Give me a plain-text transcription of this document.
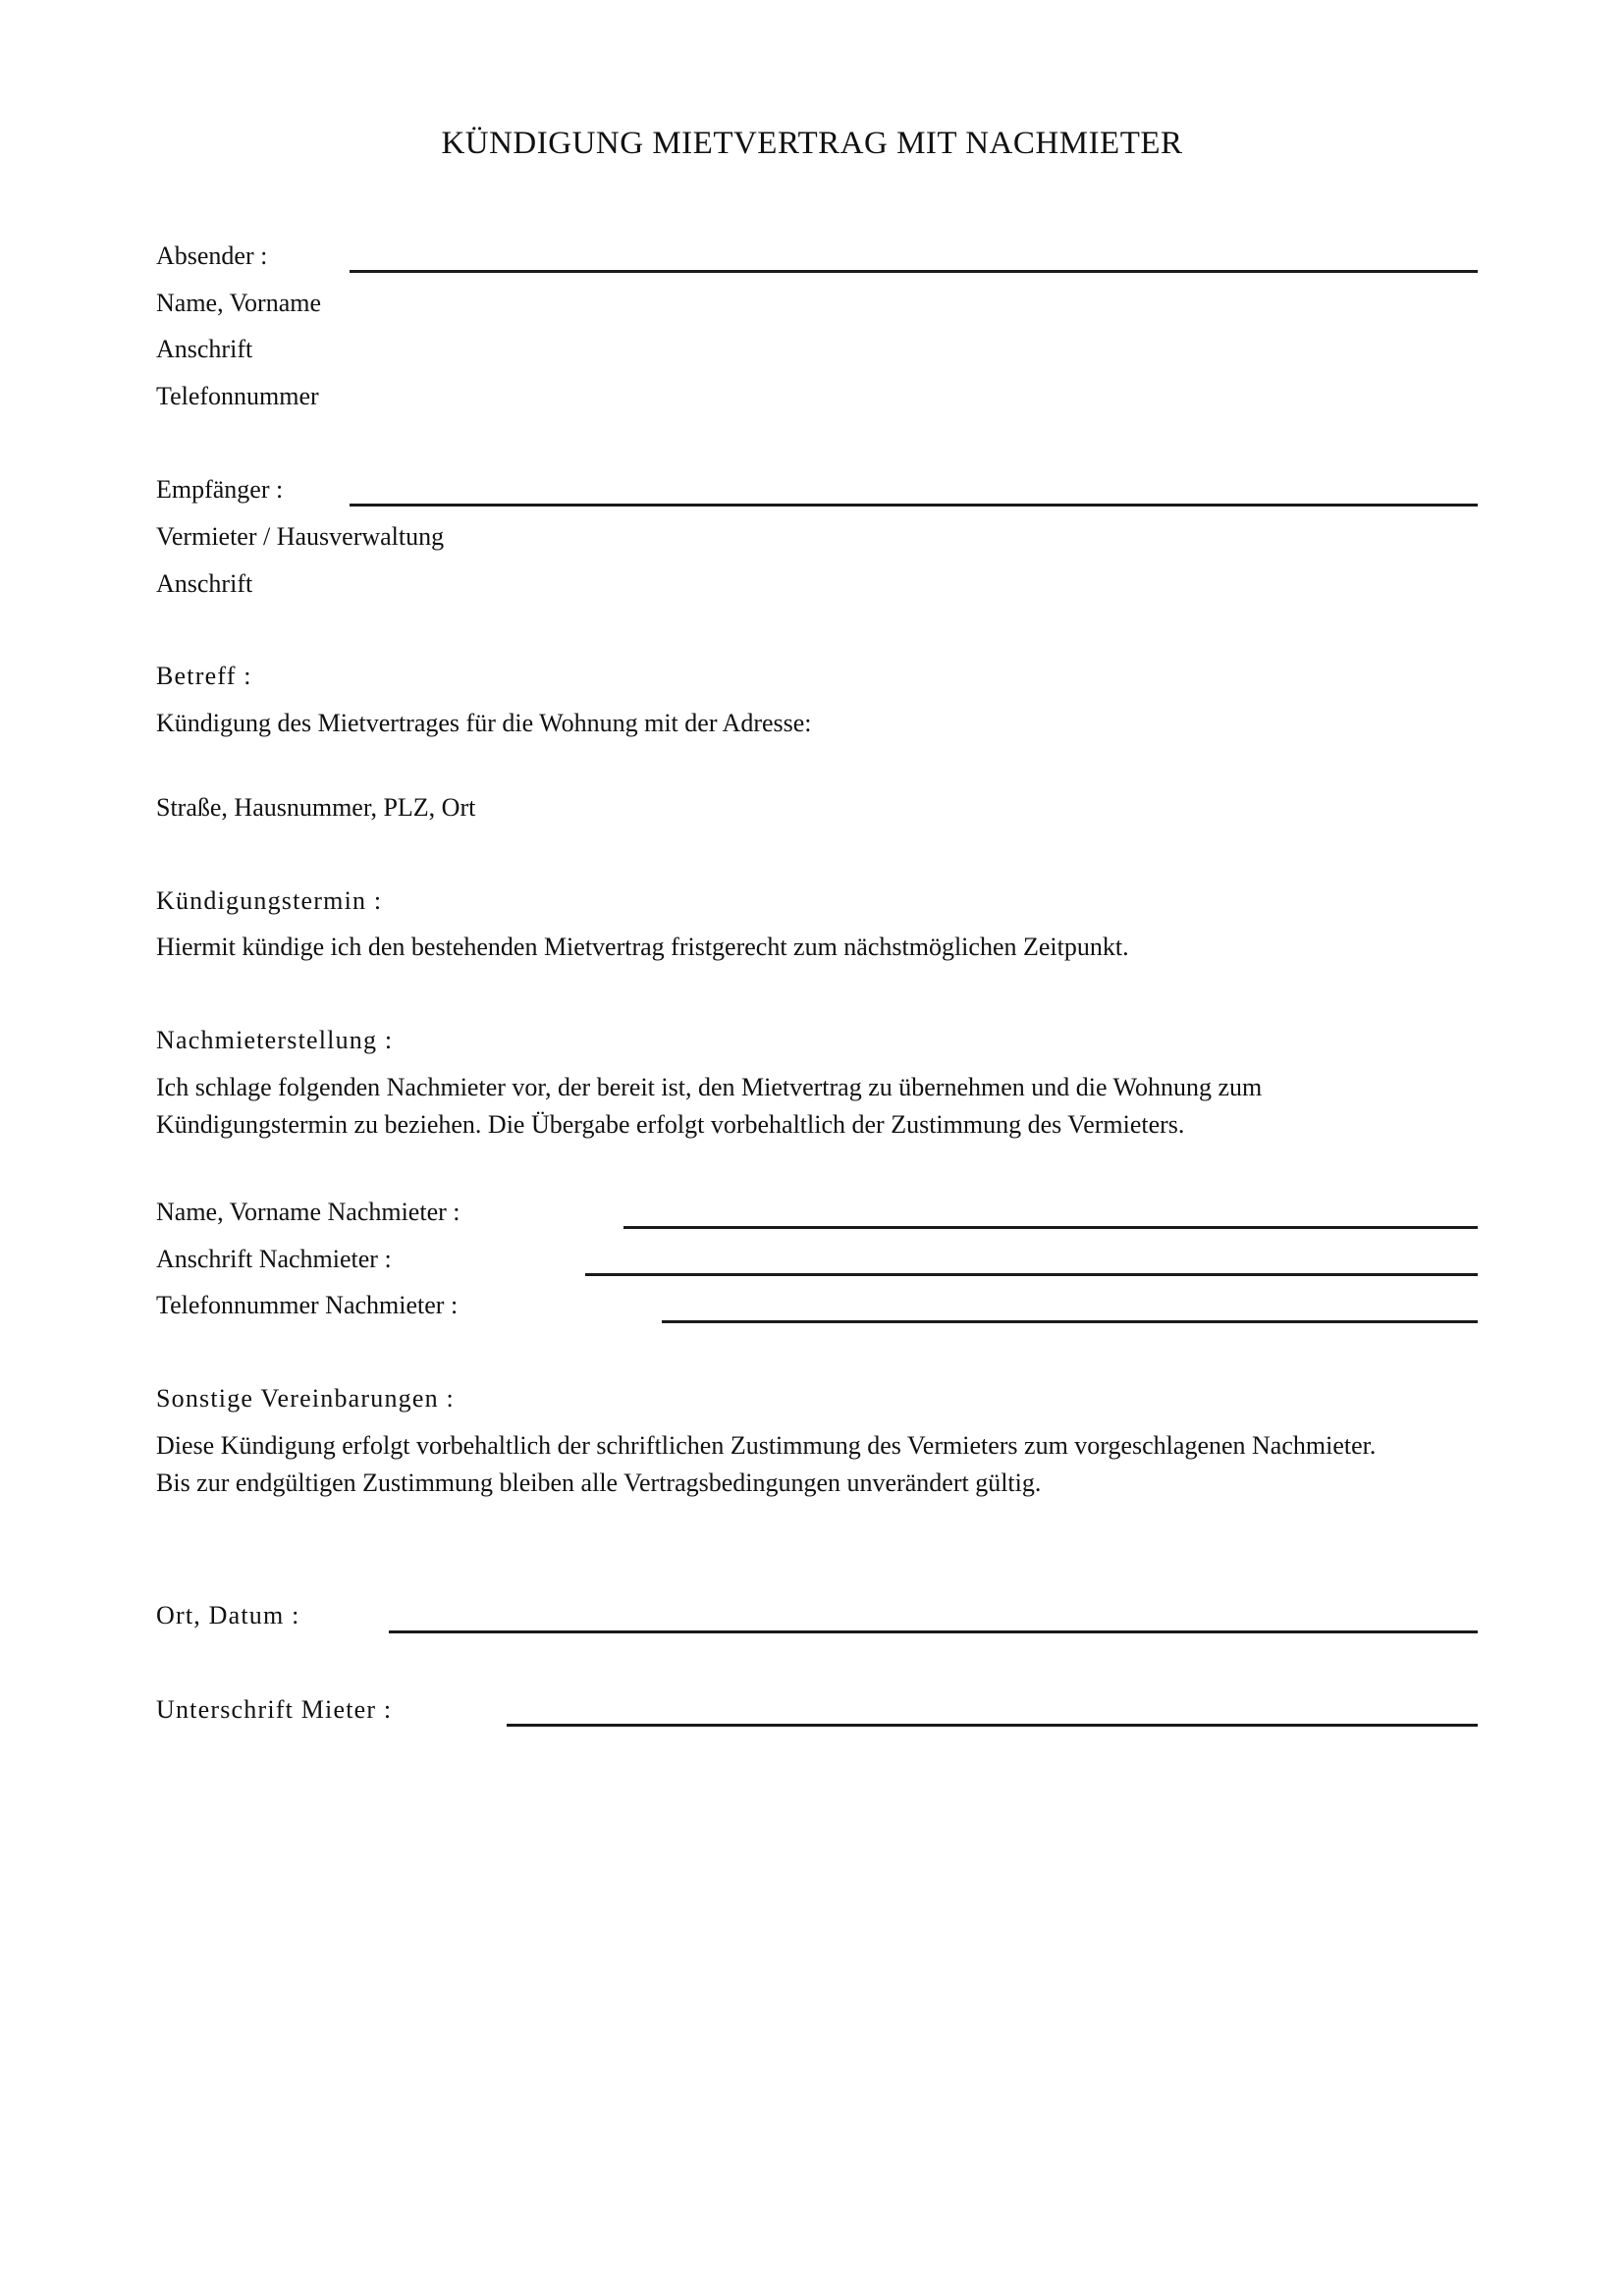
KÜNDIGUNG MIETVERTRAG MIT NACHMIETER
Absender :
Name, Vorname
Anschrift
Telefonnummer
Empfänger :
Vermieter / Hausverwaltung
Anschrift
Betreff :
Kündigung des Mietvertrages für die Wohnung mit der Adresse:
Straße, Hausnummer, PLZ, Ort
Kündigungstermin :
Hiermit kündige ich den bestehenden Mietvertrag fristgerecht zum nächstmöglichen Zeitpunkt.
Nachmieterstellung :
Ich schlage folgenden Nachmieter vor, der bereit ist, den Mietvertrag zu übernehmen und die Wohnung zum
Kündigungstermin zu beziehen. Die Übergabe erfolgt vorbehaltlich der Zustimmung des Vermieters.
Name, Vorname Nachmieter :
Anschrift Nachmieter :
Telefonnummer Nachmieter :
Sonstige Vereinbarungen :
Diese Kündigung erfolgt vorbehaltlich der schriftlichen Zustimmung des Vermieters zum vorgeschlagenen Nachmieter.
Bis zur endgültigen Zustimmung bleiben alle Vertragsbedingungen unverändert gültig.
Ort, Datum :
Unterschrift Mieter :
